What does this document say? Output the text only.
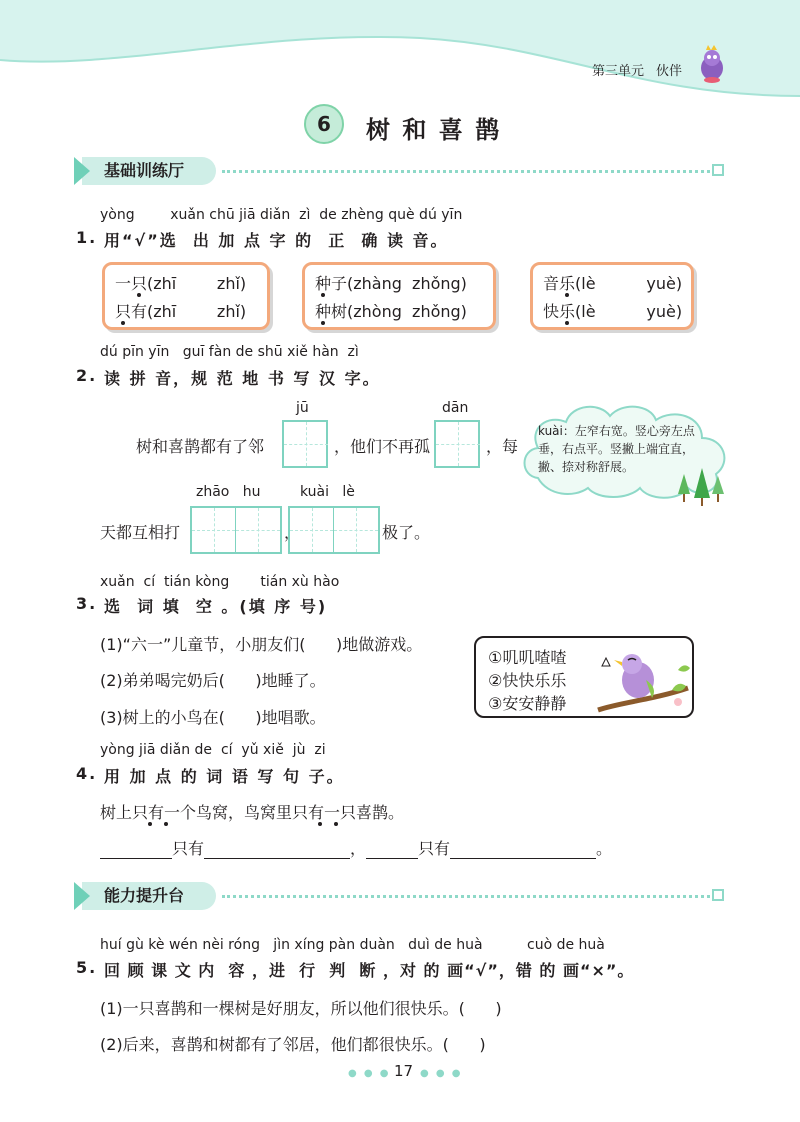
第三单元 伙伴
6	树 和 喜 鹊
基础训练厅
yòng        xuǎn chū jiā diǎn  zì  de zhèng què dú yīn
1. 用“√”选  出 加 点 字 的  正  确 读 音。
一只(zhī        zhǐ)
只有(zhī        zhǐ)
种子(zhàng  zhǒng)
种树(zhòng  zhǒng)
音乐(lè          yuè)
快乐(lè          yuè)
dú pīn yīn   guī fàn de shū xiě hàn  zì
2. 读 拼 音，规 范 地 书 写 汉 字。
jū	dān
树和喜鹊都有了邻	，他们不再孤	，每
kuài：左窄右宽。竖心旁左点垂，右点平。竖撇上端宜直，撇、捺对称舒展。
zhāo   hu	kuài   lè
天都互相打	，	极了。
xuǎn  cí  tián kòng       tián xù hào
3. 选  词 填  空 。(填 序 号)
(1)“六一”儿童节，小朋友们(      )地做游戏。
(2)弟弟喝完奶后(      )地睡了。
(3)树上的小鸟在(      )地唱歌。
①叽叽喳喳
②快快乐乐
③安安静静
yòng jiā diǎn de  cí  yǔ xiě  jù  zi
4. 用 加 点 的 词 语 写 句 子。
树上只有一个鸟窝，鸟窝里只有一只喜鹊。
只有	，	只有	。
能力提升台
huí gù kè wén nèi róng   jìn xíng pàn duàn   duì de huà          cuò de huà
5. 回 顾 课 文 内  容 ，进  行  判  断 ，对 的 画“√”，错 的 画“×”。
(1)一只喜鹊和一棵树是好朋友，所以他们很快乐。(      )
(2)后来，喜鹊和树都有了邻居，他们都很快乐。(      )
● ● ● 17 ● ● ●
